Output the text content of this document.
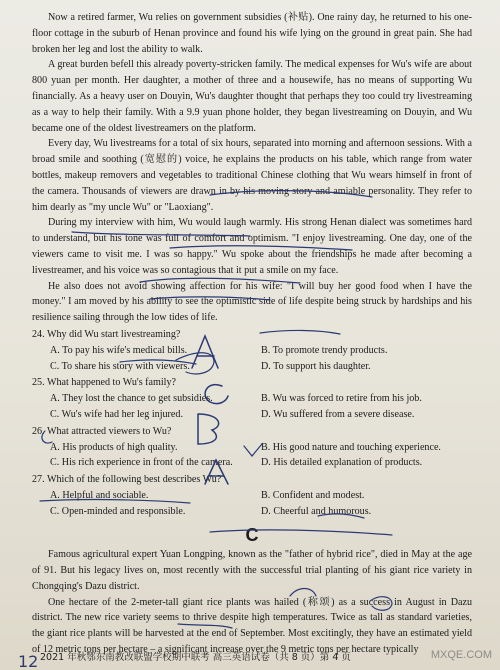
Now a retired farmer, Wu relies on government subsidies (补贴). One rainy day, he returned to his one-floor cottage in the suburb of Henan province and found his wife lying on the ground in great pain. She had broken her leg and lost the ability to walk.

A great burden befell this already poverty-stricken family. The medical expenses for Wu's wife are about 800 yuan per month. Her daughter, a mother of three and a housewife, has no means of supporting Wu financially. As a heavy user on Douyin, Wu's daughter thought that perhaps they too could try livestreaming as a way to help their family. With a 9.9 yuan phone holder, they began livestreaming on Douyin, and Wu became one of the oldest livestreamers on the platform.

Every day, Wu livestreams for a total of six hours, separated into morning and afternoon sessions. With a broad smile and soothing (宽慰的) voice, he explains the products on his table, which range from water bottles, makeup removers and vegetables to traditional Chinese clothing that Wu wears himself in front of the camera. Thousands of viewers are drawn in by his moving story and amiable personality. They refer to him dearly as "my uncle Wu" or "Laoxiang".

During my interview with him, Wu would laugh warmly. His strong Henan dialect was sometimes hard to understand, but his tone was full of comfort and optimism. "I enjoy livestreaming. One day, one of the viewers came to visit me. I was so happy." Wu spoke about the friendships he made after becoming a livestreamer, and his voice was so contagious that it put a smile on my face.

He also does not avoid showing affection for his wife: "I will buy her good food when I have the money." I am moved by his ability to see the optimistic side of life despite being struck by hardships and his resilience sailing through the low tides of life.

24. Why did Wu start livestreaming?
A. To pay his wife's medical bills.	B. To promote trendy products.
C. To share his story with viewers.	D. To support his daughter.
25. What happened to Wu's family?
A. They lost the chance to get subsidies.	B. Wu was forced to retire from his job.
C. Wu's wife had her leg injured.	D. Wu suffered from a severe disease.
26. What attracted viewers to Wu?
A. His products of high quality.	B. His good nature and touching experience.
C. His rich experience in front of the camera.	D. His detailed explanation of products.
27. Which of the following best describes Wu?
A. Helpful and sociable.	B. Confident and modest.
C. Open-minded and responsible.	D. Cheerful and humorous.
C

Famous agricultural expert Yuan Longping, known as the "father of hybrid rice", died in May at the age of 91. But his legacy lives on, most recently with the successful trial planting of his giant rice variety in Chongqing's Dazu district.

One hectare of the 2-meter-tall giant rice plants was hailed (称颂) as a success in August in Dazu district. The new rice variety seems to thrive despite high temperatures. Twice as tall as standard varieties, the giant rice plants will be harvested at the end of September. Most excitingly, they have an estimated yield of 12 metric tons per hectare – a significant increase over the 9 metric tons per hectare typically

2021 年秋鄂东南教改联盟学校期中联考 高三英语试卷（共 8 页）第 4 页
12	MXQE.COM
